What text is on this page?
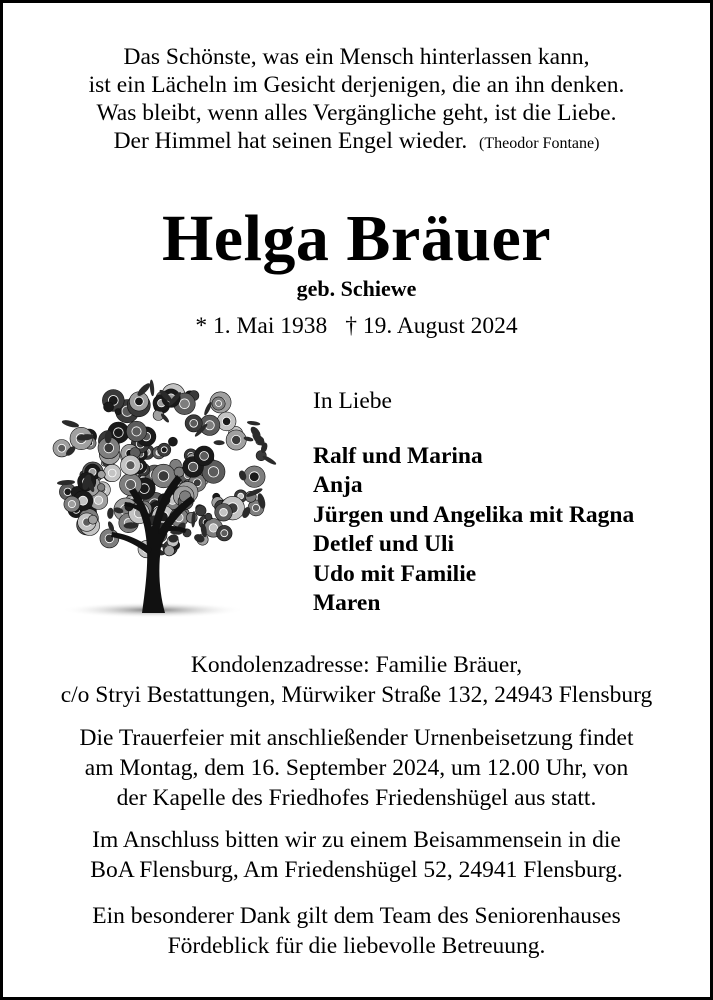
Das Schönste, was ein Mensch hinterlassen kann,
ist ein Lächeln im Gesicht derjenigen, die an ihn denken.
Was bleibt, wenn alles Vergängliche geht, ist die Liebe.
Der Himmel hat seinen Engel wieder. (Theodor Fontane)
Helga Bräuer
geb. Schiewe
* 1. Mai 1938 † 19. August 2024
In Liebe
Ralf und Marina
Anja
Jürgen und Angelika mit Ragna
Detlef und Uli
Udo mit Familie
Maren
Kondolenzadresse: Familie Bräuer,
c/o Stryi Bestattungen, Mürwiker Straße 132, 24943 Flensburg
Die Trauerfeier mit anschließender Urnenbeisetzung findet
am Montag, dem 16. September 2024, um 12.00 Uhr, von
der Kapelle des Friedhofes Friedenshügel aus statt.
Im Anschluss bitten wir zu einem Beisammensein in die
BoA Flensburg, Am Friedenshügel 52, 24941 Flensburg.
Ein besonderer Dank gilt dem Team des Seniorenhauses
Fördeblick für die liebevolle Betreuung.
